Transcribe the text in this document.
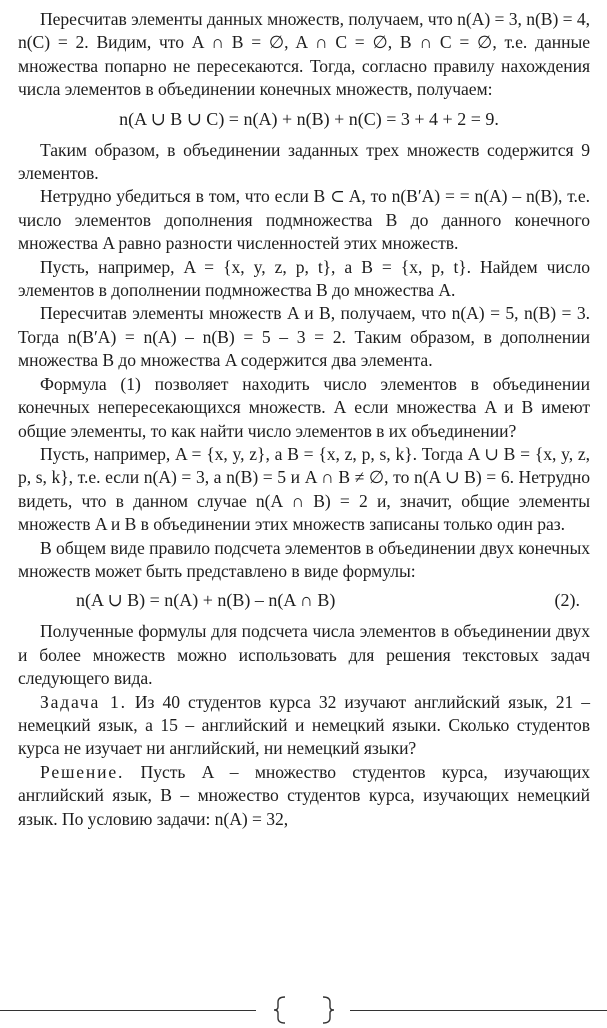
Пересчитав элементы данных множеств, получаем, что n(A) = 3, n(B) = 4, n(C) = 2. Видим, что A ∩ B = ∅, A ∩ C = ∅, B ∩ C = ∅, т.е. данные множества попарно не пересекаются. Тогда, согласно правилу нахождения числа элементов в объединении конечных множеств, получаем:

n(A ∪ B ∪ C) = n(A) + n(B) + n(C) = 3 + 4 + 2 = 9.

Таким образом, в объединении заданных трех множеств содержится 9 элементов.

Нетрудно убедиться в том, что если B ⊂ A, то n(B′A) = = n(A) – n(B), т.е. число элементов дополнения подмножества B до данного конечного множества A равно разности численностей этих множеств.

Пусть, например, A = {x, y, z, p, t}, а B = {x, p, t}. Найдем число элементов в дополнении подмножества B до множества A.

Пересчитав элементы множеств A и B, получаем, что n(A) = 5, n(B) = 3. Тогда n(B′A) = n(A) – n(B) = 5 – 3 = 2. Таким образом, в дополнении множества B до множества A содержится два элемента.

Формула (1) позволяет находить число элементов в объединении конечных непересекающихся множеств. А если множества A и B имеют общие элементы, то как найти число элементов в их объединении?

Пусть, например, A = {x, y, z}, а B = {x, z, p, s, k}. Тогда A ∪ B = {x, y, z, p, s, k}, т.е. если n(A) = 3, а n(B) = 5 и A ∩ B ≠ ∅, то n(A ∪ B) = 6. Нетрудно видеть, что в данном случае n(A ∩ B) = 2 и, значит, общие элементы множеств A и B в объединении этих множеств записаны только один раз.

В общем виде правило подсчета элементов в объединении двух конечных множеств может быть представлено в виде формулы:

n(A ∪ B) = n(A) + n(B) – n(A ∩ B)	(2).

Полученные формулы для подсчета числа элементов в объединении двух и более множеств можно использовать для решения текстовых задач следующего вида.

Задача 1. Из 40 студентов курса 32 изучают английский язык, 21 – немецкий язык, а 15 – английский и немецкий языки. Сколько студентов курса не изучает ни английский, ни немецкий языки?

Решение. Пусть A – множество студентов курса, изучающих английский язык, B – множество студентов курса, изучающих немецкий язык. По условию задачи: n(A) = 32,
